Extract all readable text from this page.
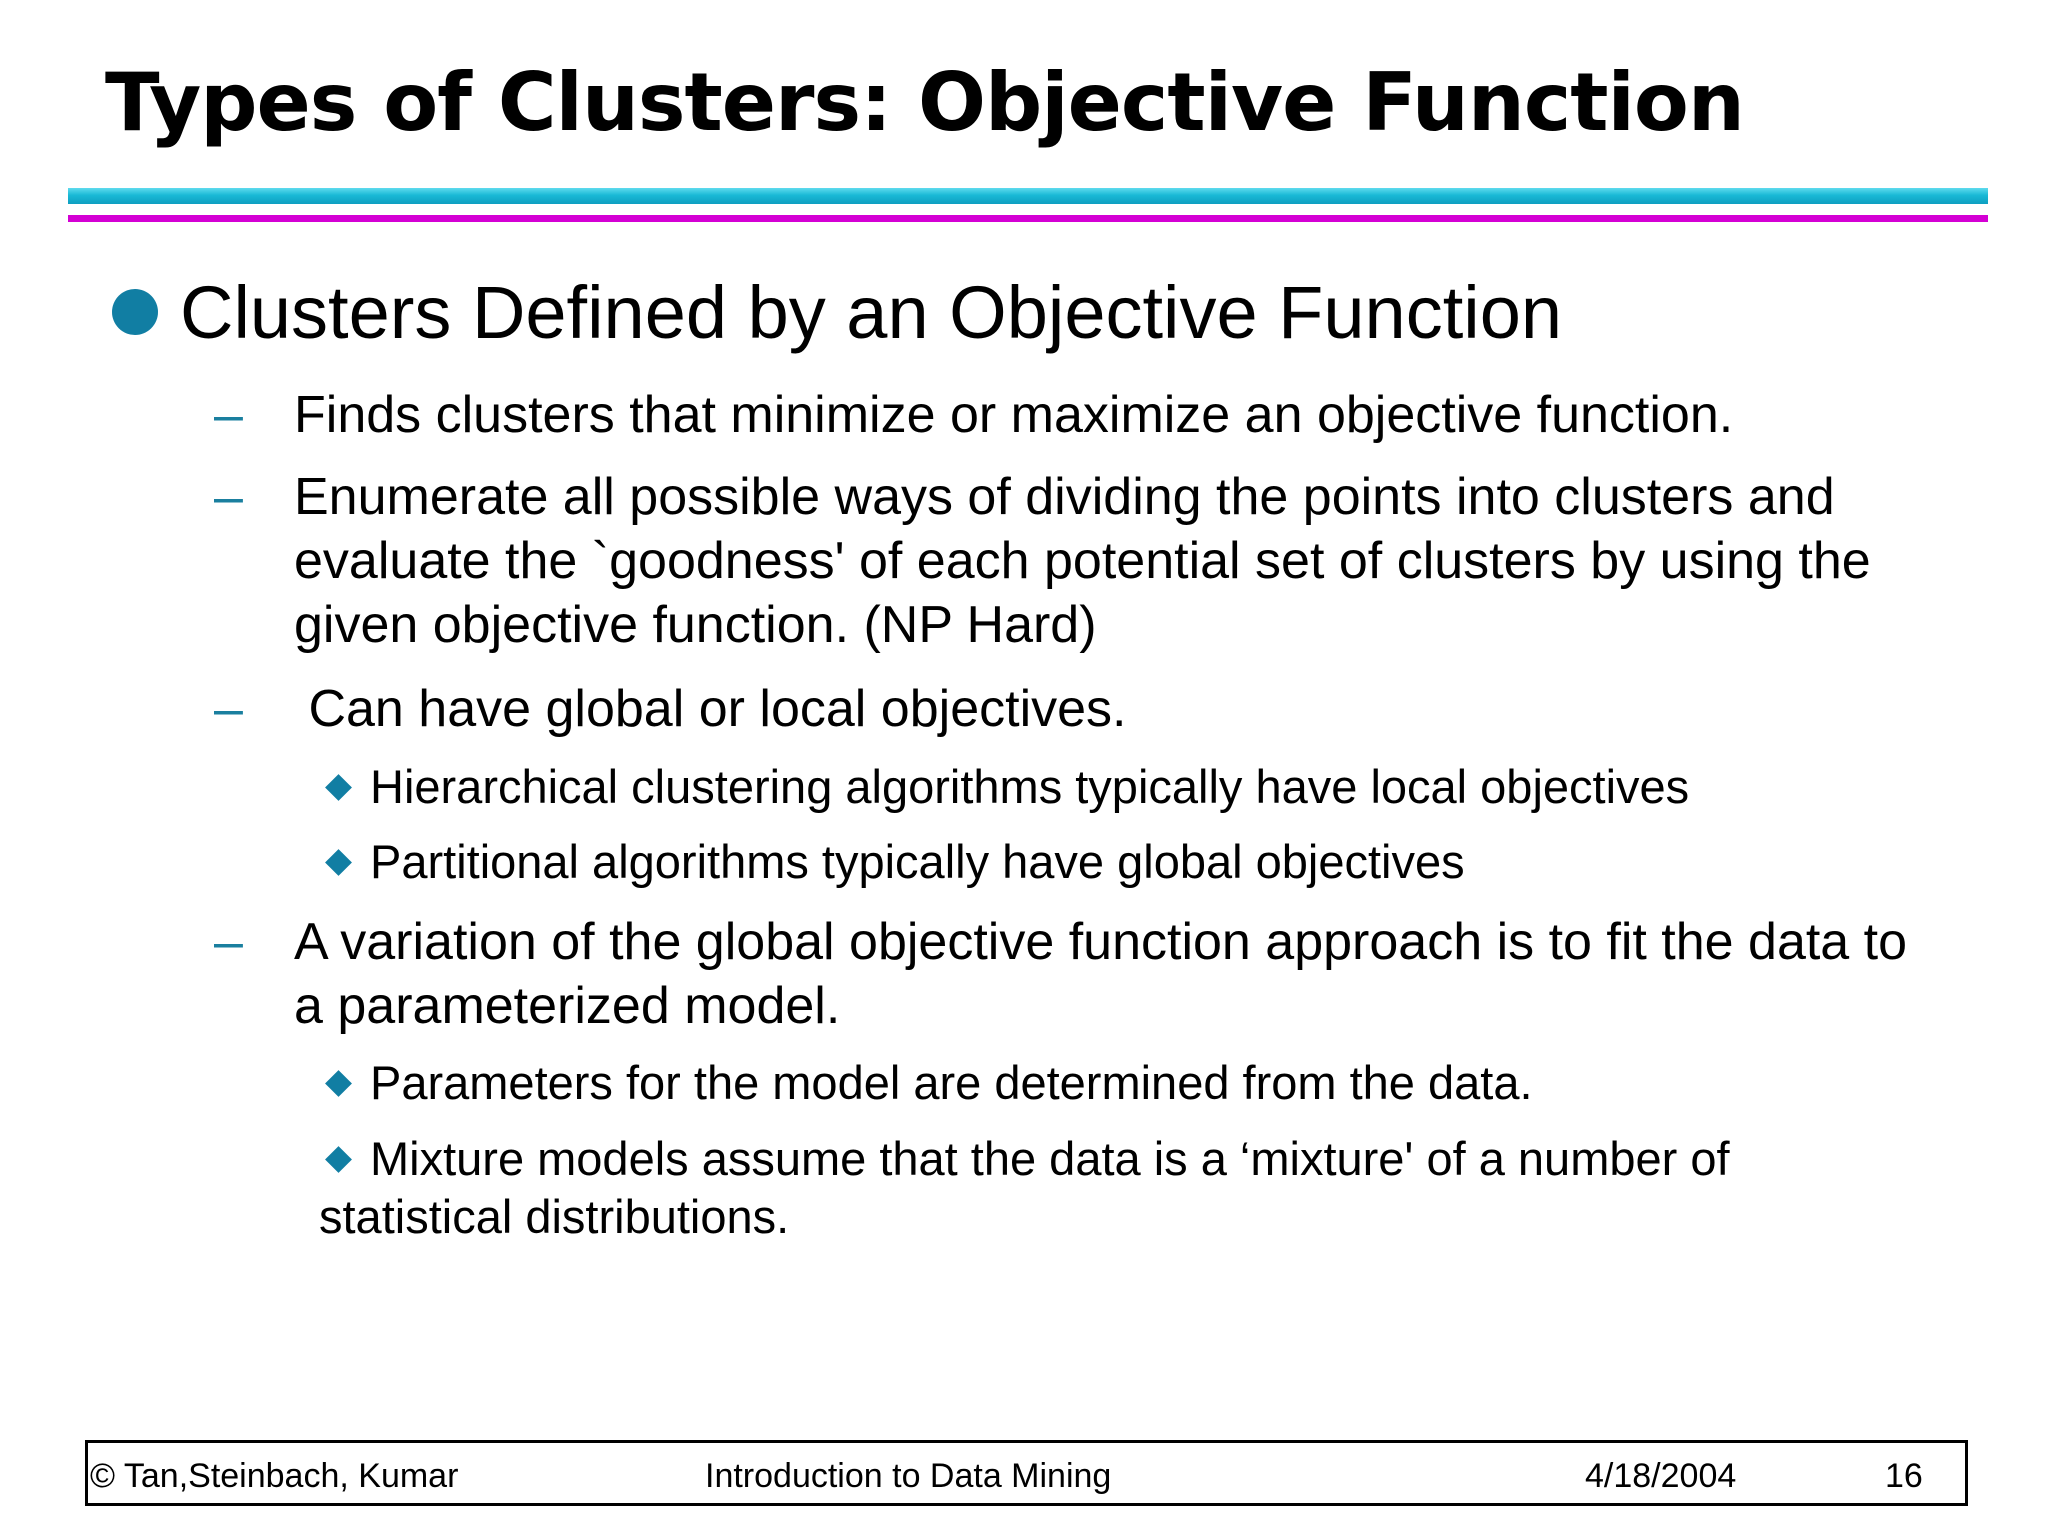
Types of Clusters: Objective Function
Clusters Defined by an Objective Function
– Finds clusters that minimize or maximize an objective function.
– Enumerate all possible ways of dividing the points into clusters and evaluate the `goodness' of each potential set of clusters by using the given objective function. (NP Hard)
– Can have global or local objectives.
Hierarchical clustering algorithms typically have local objectives
Partitional algorithms typically have global objectives
– A variation of the global objective function approach is to fit the data to a parameterized model.
Parameters for the model are determined from the data.
Mixture models assume that the data is a ‘mixture' of a number of statistical distributions.
© Tan,Steinbach, Kumar	Introduction to Data Mining	4/18/2004	16
